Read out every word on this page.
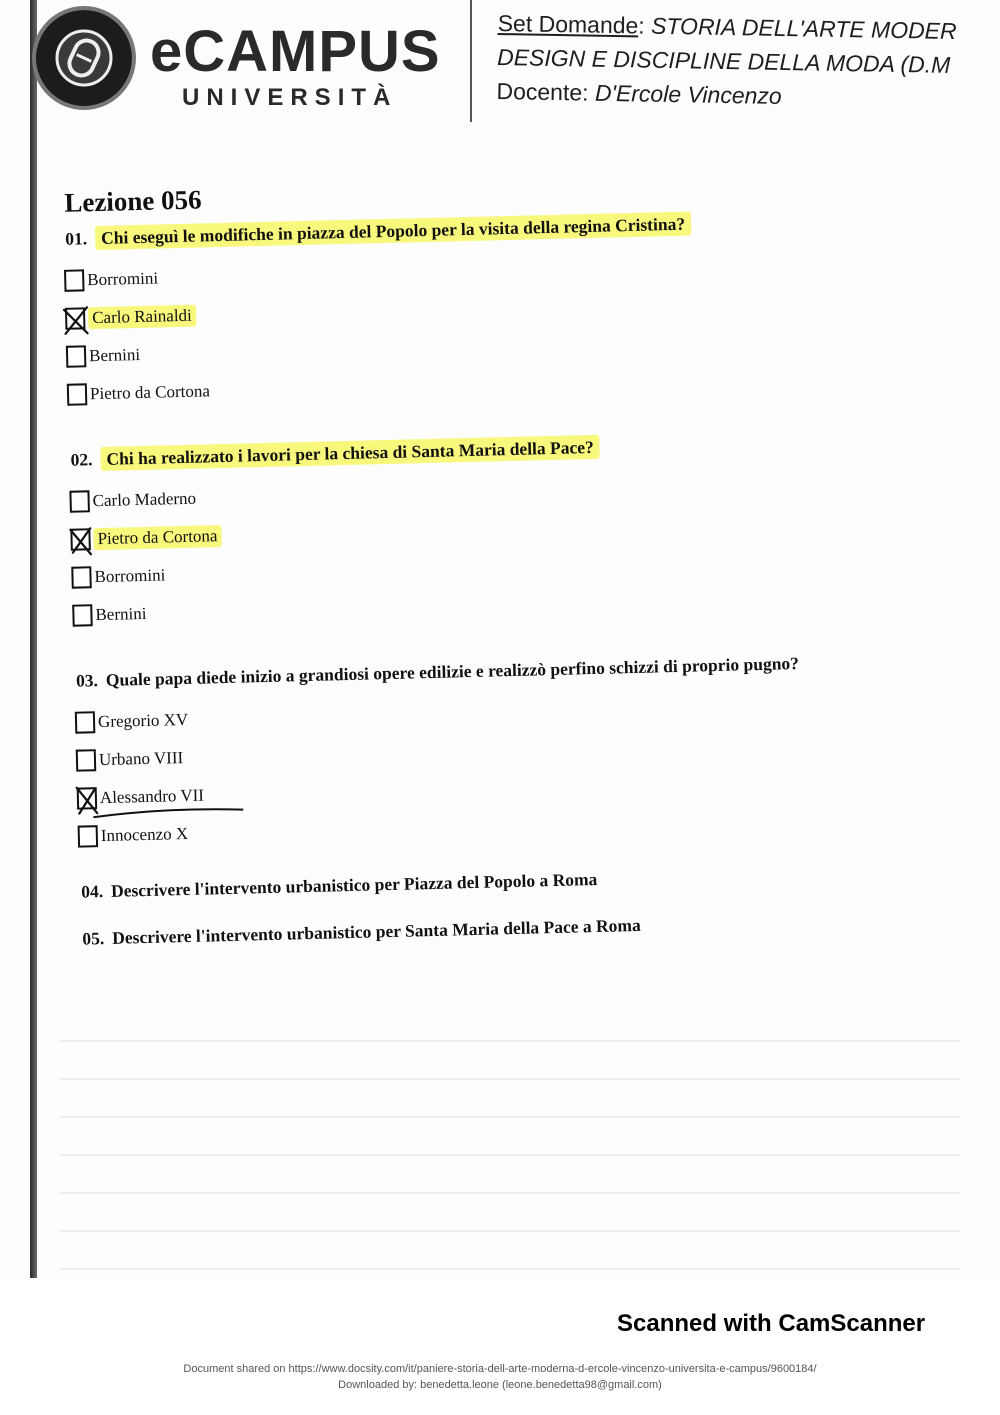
eCAMPUS
UNIVERSITÀ
Set Domande: STORIA DELL'ARTE MODER
DESIGN E DISCIPLINE DELLA MODA (D.M
Docente: D'Ercole Vincenzo
Lezione 056
01. Chi eseguì le modifiche in piazza del Popolo per la visita della regina Cristina?
Borromini
Carlo Rainaldi
Bernini
Pietro da Cortona
02. Chi ha realizzato i lavori per la chiesa di Santa Maria della Pace?
Carlo Maderno
Pietro da Cortona
Borromini
Bernini
03. Quale papa diede inizio a grandiosi opere edilizie e realizzò perfino schizzi di proprio pugno?
Gregorio XV
Urbano VIII
Alessandro VII
Innocenzo X
04. Descrivere l'intervento urbanistico per Piazza del Popolo a Roma
05. Descrivere l'intervento urbanistico per Santa Maria della Pace a Roma
Scanned with CamScanner
Document shared on https://www.docsity.com/it/paniere-storia-dell-arte-moderna-d-ercole-vincenzo-universita-e-campus/9600184/
Downloaded by: benedetta.leone (leone.benedetta98@gmail.com)
